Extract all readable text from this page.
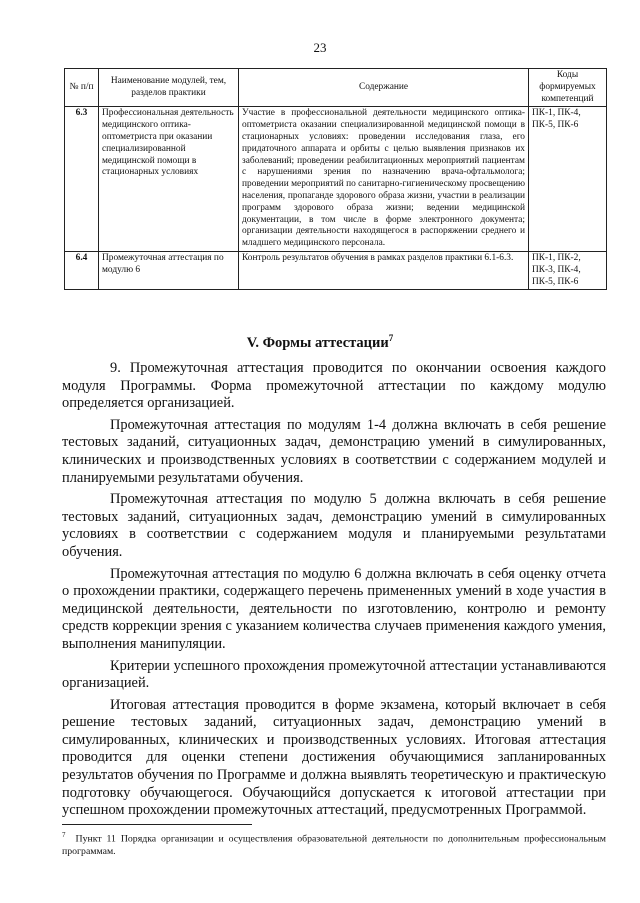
23
№ п/п	Наименование модулей, тем, разделов практики	Содержание	Коды формируемых компетенций
6.3	Профессиональная деятельность медицинского оптика-оптометриста при оказании специализированной медицинской помощи в стационарных условиях	Участие в профессиональной деятельности медицинского оптика-оптометриста оказании специализированной медицинской помощи в стационарных условиях: проведении исследования глаза, его придаточного аппарата и орбиты с целью выявления признаков их заболеваний; проведении реабилитационных мероприятий пациентам с нарушениями зрения по назначению врача-офтальмолога; проведении мероприятий по санитарно-гигиеническому просвещению населения, пропаганде здорового образа жизни, участии в реализации программ здорового образа жизни; ведении медицинской документации, в том числе в форме электронного документа; организации деятельности находящегося в распоряжении среднего и младшего медицинского персонала.	ПК-1, ПК-4, ПК-5, ПК-6
6.4	Промежуточная аттестация по модулю 6	Контроль результатов обучения в рамках разделов практики 6.1-6.3.	ПК-1, ПК-2, ПК-3, ПК-4, ПК-5, ПК-6
V. Формы аттестации$^7$

9. Промежуточная аттестация проводится по окончании освоения каждого модуля Программы. Форма промежуточной аттестации по каждому модулю определяется организацией.

Промежуточная аттестация по модулям 1-4 должна включать в себя решение тестовых заданий, ситуационных задач, демонстрацию умений в симулированных, клинических и производственных условиях в соответствии с содержанием модулей и планируемыми результатами обучения.

Промежуточная аттестация по модулю 5 должна включать в себя решение тестовых заданий, ситуационных задач, демонстрацию умений в симулированных условиях в соответствии с содержанием модуля и планируемыми результатами обучения.

Промежуточная аттестация по модулю 6 должна включать в себя оценку отчета о прохождении практики, содержащего перечень примененных умений в ходе участия в медицинской деятельности, деятельности по изготовлению, контролю и ремонту средств коррекции зрения с указанием количества случаев применения каждого умения, выполнения манипуляции.

Критерии успешного прохождения промежуточной аттестации устанавливаются организацией.

Итоговая аттестация проводится в форме экзамена, который включает в себя решение тестовых заданий, ситуационных задач, демонстрацию умений в симулированных, клинических и производственных условиях. Итоговая аттестация проводится для оценки степени достижения обучающимися запланированных результатов обучения по Программе и должна выявлять теоретическую и практическую подготовку обучающегося. Обучающийся допускается к итоговой аттестации при успешном прохождении промежуточных аттестаций, предусмотренных Программой.

$^7$ Пункт 11 Порядка организации и осуществления образовательной деятельности по дополнительным профессиональным программам.
